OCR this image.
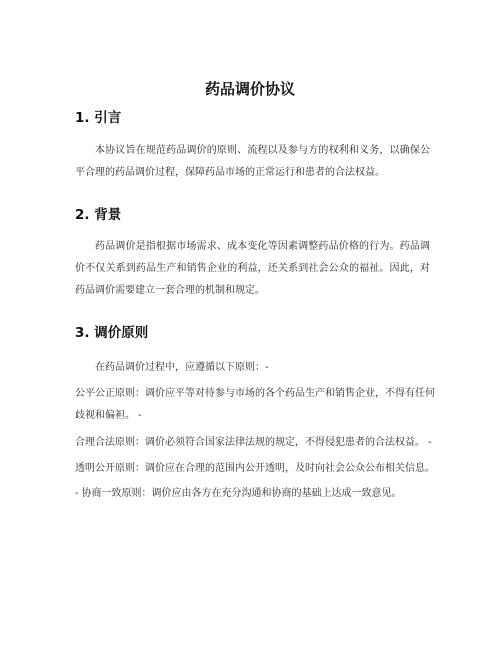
药品调价协议
1. 引言
本协议旨在规范药品调价的原则、流程以及参与方的权利和义务，以确保公平合理的药品调价过程，保障药品市场的正常运行和患者的合法权益。
2. 背景
药品调价是指根据市场需求、成本变化等因素调整药品价格的行为。药品调价不仅关系到药品生产和销售企业的利益，还关系到社会公众的福祉。因此，对药品调价需要建立一套合理的机制和规定。
3. 调价原则
在药品调价过程中，应遵循以下原则：-
公平公正原则：调价应平等对待参与市场的各个药品生产和销售企业，不得有任何
歧视和偏袒。 -
合理合法原则：调价必须符合国家法律法规的规定，不得侵犯患者的合法权益。 -
透明公开原则：调价应在合理的范围内公开透明，及时向社会公众公布相关信息。
- 协商一致原则：调价应由各方在充分沟通和协商的基础上达成一致意见。
